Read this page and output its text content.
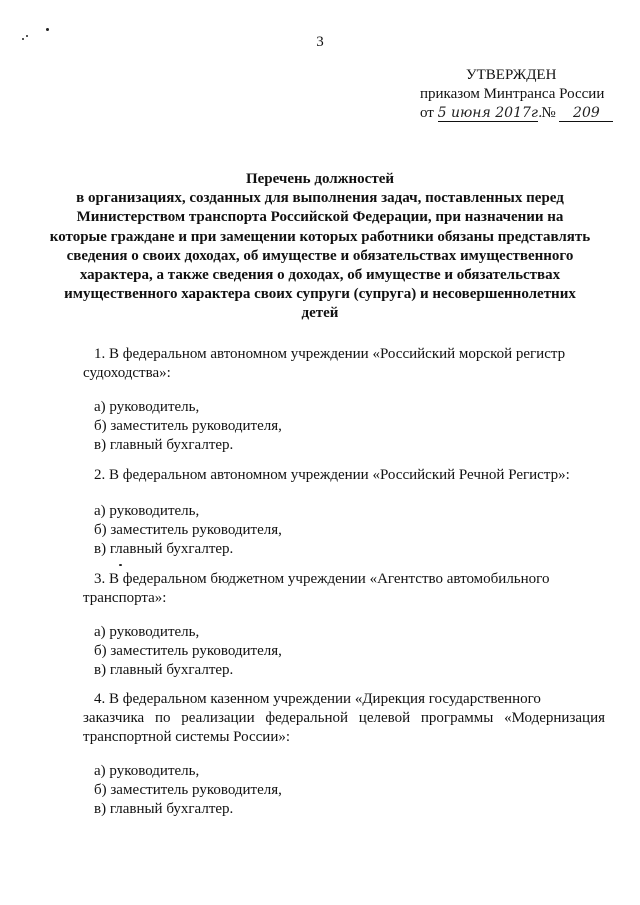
3
УТВЕРЖДЕН
приказом Минтранса России
от 5 июня 2017г. № 209
Перечень должностей
в организациях, созданных для выполнения задач, поставленных перед
Министерством транспорта Российской Федерации, при назначении на
которые граждане и при замещении которых работники обязаны представлять
сведения о своих доходах, об имуществе и обязательствах имущественного
характера, а также сведения о доходах, об имуществе и обязательствах
имущественного характера своих супруги (супруга) и несовершеннолетних
детей
1. В федеральном автономном учреждении «Российский морской регистр
судоходства»:
а) руководитель,
б) заместитель руководителя,
в) главный бухгалтер.
2. В федеральном автономном учреждении «Российский Речной Регистр»:
а) руководитель,
б) заместитель руководителя,
в) главный бухгалтер.
3. В федеральном бюджетном учреждении «Агентство автомобильного
транспорта»:
а) руководитель,
б) заместитель руководителя,
в) главный бухгалтер.
4. В федеральном казенном учреждении «Дирекция государственного
заказчика по реализации федеральной целевой программы «Модернизация транспортной системы России»:
а) руководитель,
б) заместитель руководителя,
в) главный бухгалтер.
